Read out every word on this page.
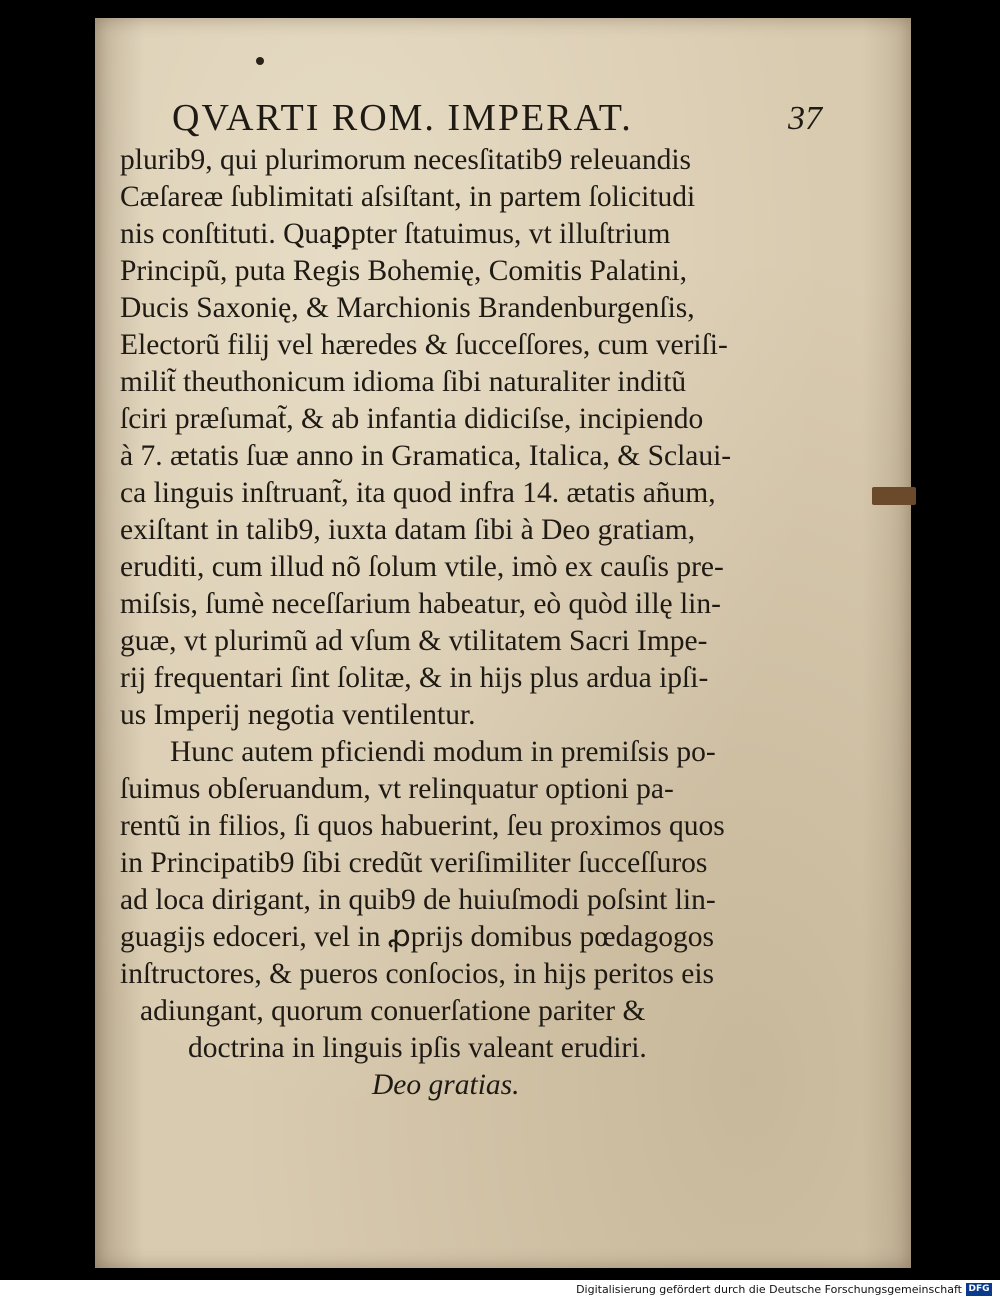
QVARTI ROM. IMPERAT.	37
plurib9, qui plurimorum necesſitatib9 releuandis
Cæſareæ ſublimitati aſsiſtant, in partem ſolicitudi
nis conſtituti. Quaꝑpter ſtatuimus, vt illuſtrium
Principũ, puta Regis Bohemię, Comitis Palatini,
Ducis Saxonię, & Marchionis Brandenburgenſis,
Electorũ filij vel hæredes & ſucceſſores, cum veriſi-
milit̃ theuthonicum idioma ſibi naturaliter inditũ
ſciri præſumat̃, & ab infantia didiciſse, incipiendo
à 7. ætatis ſuæ anno in Gramatica, Italica, & Sclaui-
ca linguis inſtruant̃, ita quod infra 14. ætatis añum,
exiſtant in talib9, iuxta datam ſibi à Deo gratiam,
eruditi, cum illud nõ ſolum vtile, imò ex cauſis pre-
miſsis, ſumè neceſſarium habeatur, eò quòd illę lin-
guæ, vt plurimũ ad vſum & vtilitatem Sacri Impe-
rij frequentari ſint ſolitæ, & in hijs plus ardua ipſi-
us Imperij negotia ventilentur.
Hunc autem pficiendi modum in premiſsis po-
ſuimus obſeruandum, vt relinquatur optioni pa-
rentũ in filios, ſi quos habuerint, ſeu proximos quos
in Principatib9 ſibi credũt veriſimiliter ſucceſſuros
ad loca dirigant, in quib9 de huiuſmodi poſsint lin-
guagijs edoceri, vel in ꝓprijs domibus pœdagogos
inſtructores, & pueros conſocios, in hijs peritos eis
adiungant, quorum conuerſatione pariter &
doctrina in linguis ipſis valeant erudiri.
Deo gratias.
Digitalisierung gefördert durch die Deutsche Forschungsgemeinschaft DFG
